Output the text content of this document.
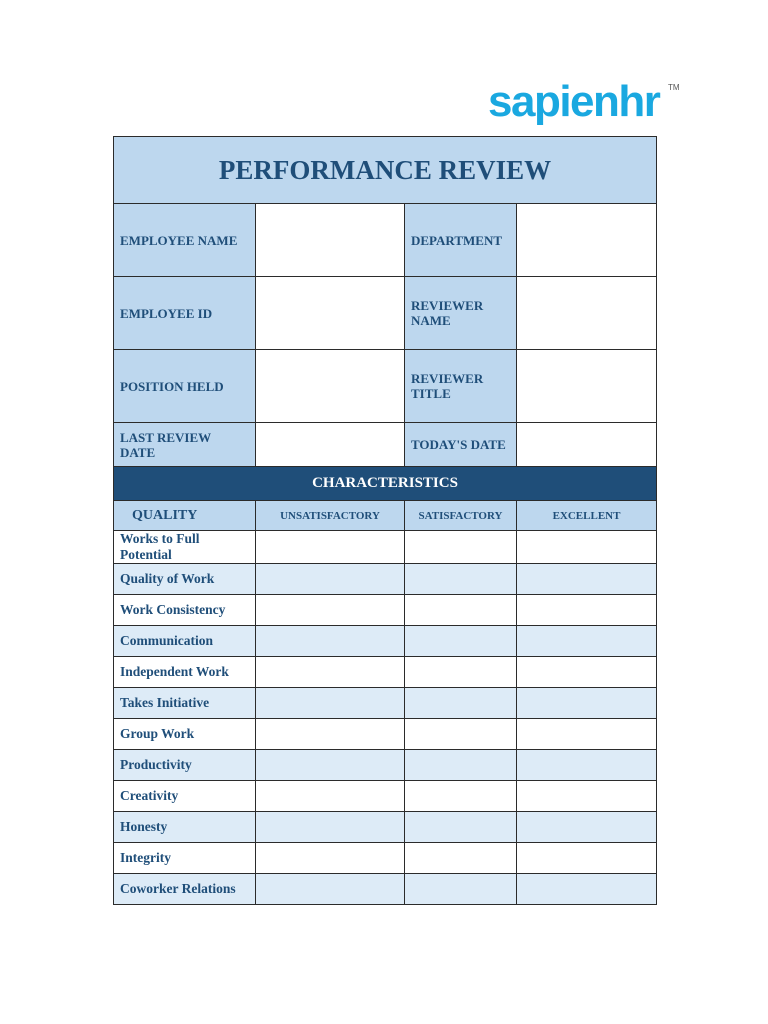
sapienhr TM
PERFORMANCE REVIEW			
EMPLOYEE NAME		DEPARTMENT	
EMPLOYEE ID		REVIEWER NAME	
POSITION HELD		REVIEWER TITLE	
LAST REVIEW DATE		TODAY'S DATE	
CHARACTERISTICS			
QUALITY	UNSATISFACTORY	SATISFACTORY	EXCELLENT
Works to Full Potential			
Quality of Work			
Work Consistency			
Communication			
Independent Work			
Takes Initiative			
Group Work			
Productivity			
Creativity			
Honesty			
Integrity			
Coworker Relations			
